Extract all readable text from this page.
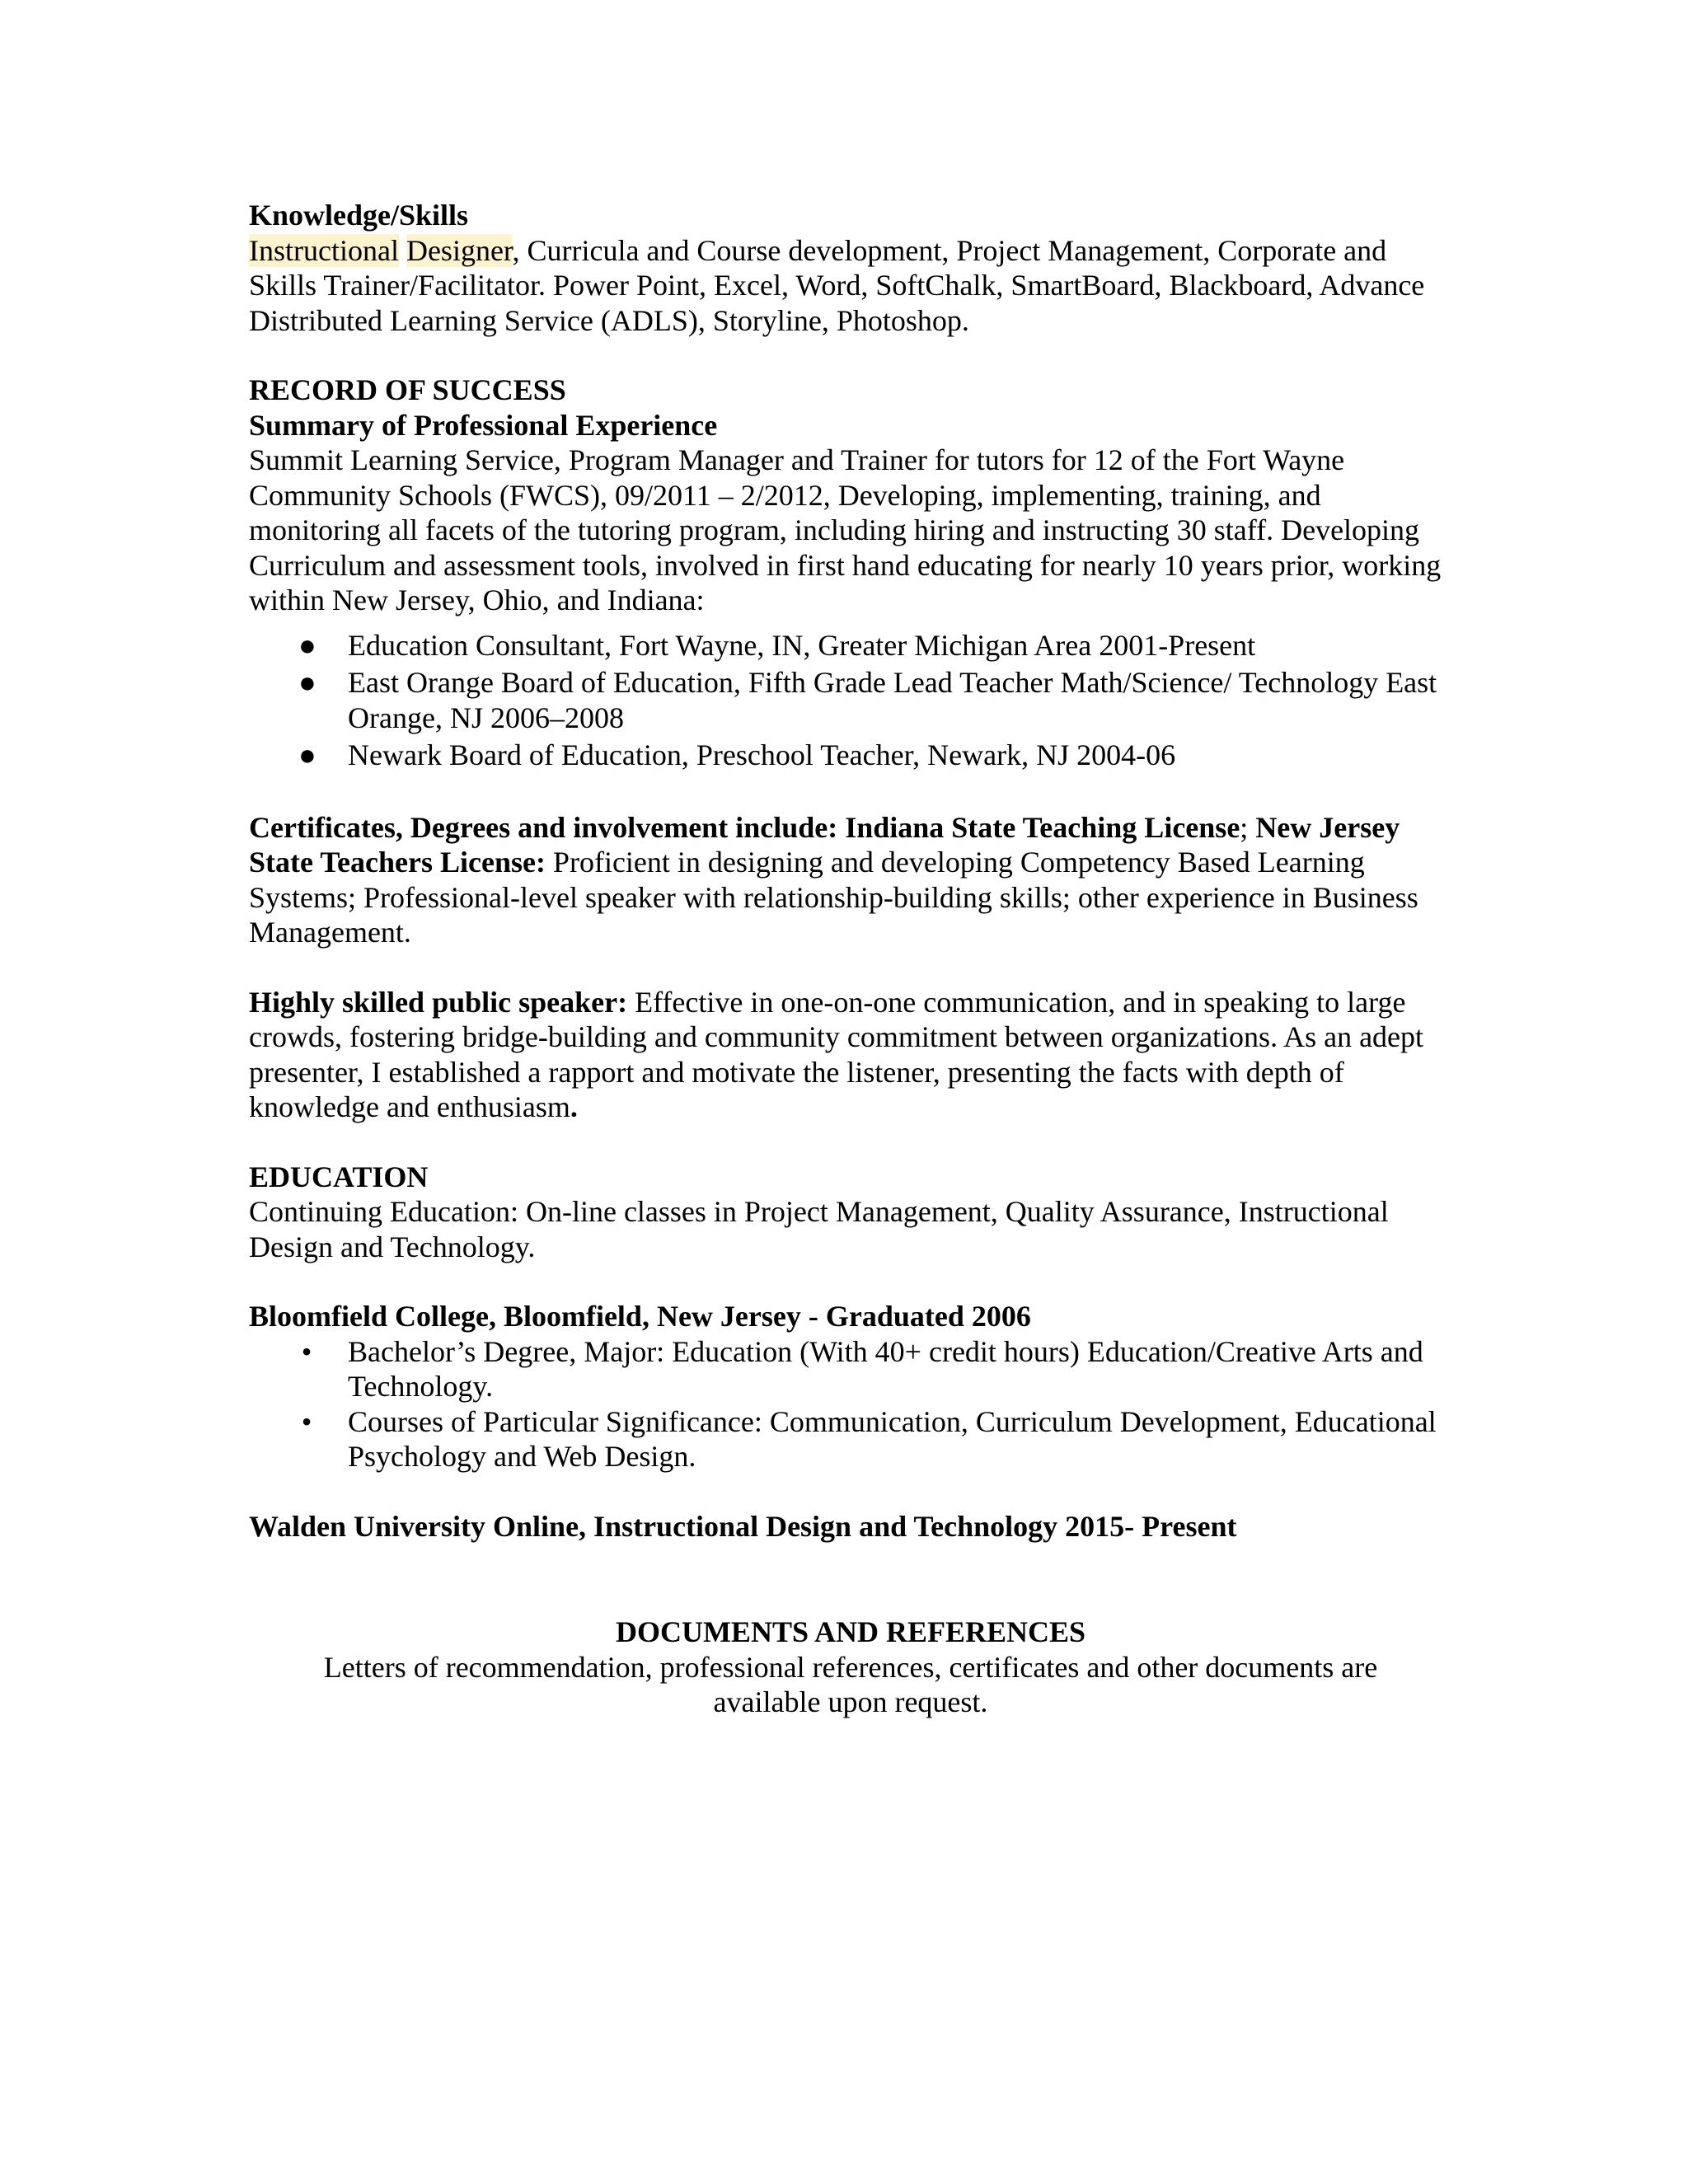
Knowledge/Skills

Instructional Designer, Curricula and Course development, Project Management, Corporate and Skills Trainer/Facilitator. Power Point, Excel, Word, SoftChalk, SmartBoard, Blackboard, Advance Distributed Learning Service (ADLS), Storyline, Photoshop.

RECORD OF SUCCESS

Summary of Professional Experience

Summit Learning Service, Program Manager and Trainer for tutors for 12 of the Fort Wayne Community Schools (FWCS), 09/2011 – 2/2012, Developing, implementing, training, and monitoring all facets of the tutoring program, including hiring and instructing 30 staff. Developing Curriculum and assessment tools, involved in first hand educating for nearly 10 years prior, working within New Jersey, Ohio, and Indiana:

● Education Consultant, Fort Wayne, IN, Greater Michigan Area 2001-Present
● East Orange Board of Education, Fifth Grade Lead Teacher Math/Science/ Technology East Orange, NJ 2006–2008
● Newark Board of Education, Preschool Teacher, Newark, NJ 2004-06

Certificates, Degrees and involvement include: Indiana State Teaching License; New Jersey State Teachers License: Proficient in designing and developing Competency Based Learning Systems; Professional-level speaker with relationship-building skills; other experience in Business Management.

Highly skilled public speaker: Effective in one-on-one communication, and in speaking to large crowds, fostering bridge-building and community commitment between organizations. As an adept presenter, I established a rapport and motivate the listener, presenting the facts with depth of knowledge and enthusiasm.

EDUCATION

Continuing Education: On-line classes in Project Management, Quality Assurance, Instructional Design and Technology.

Bloomfield College, Bloomfield, New Jersey - Graduated 2006

• Bachelor’s Degree, Major: Education (With 40+ credit hours) Education/Creative Arts and Technology.
• Courses of Particular Significance: Communication, Curriculum Development, Educational Psychology and Web Design.

Walden University Online, Instructional Design and Technology 2015- Present

DOCUMENTS AND REFERENCES

Letters of recommendation, professional references, certificates and other documents are

available upon request.
